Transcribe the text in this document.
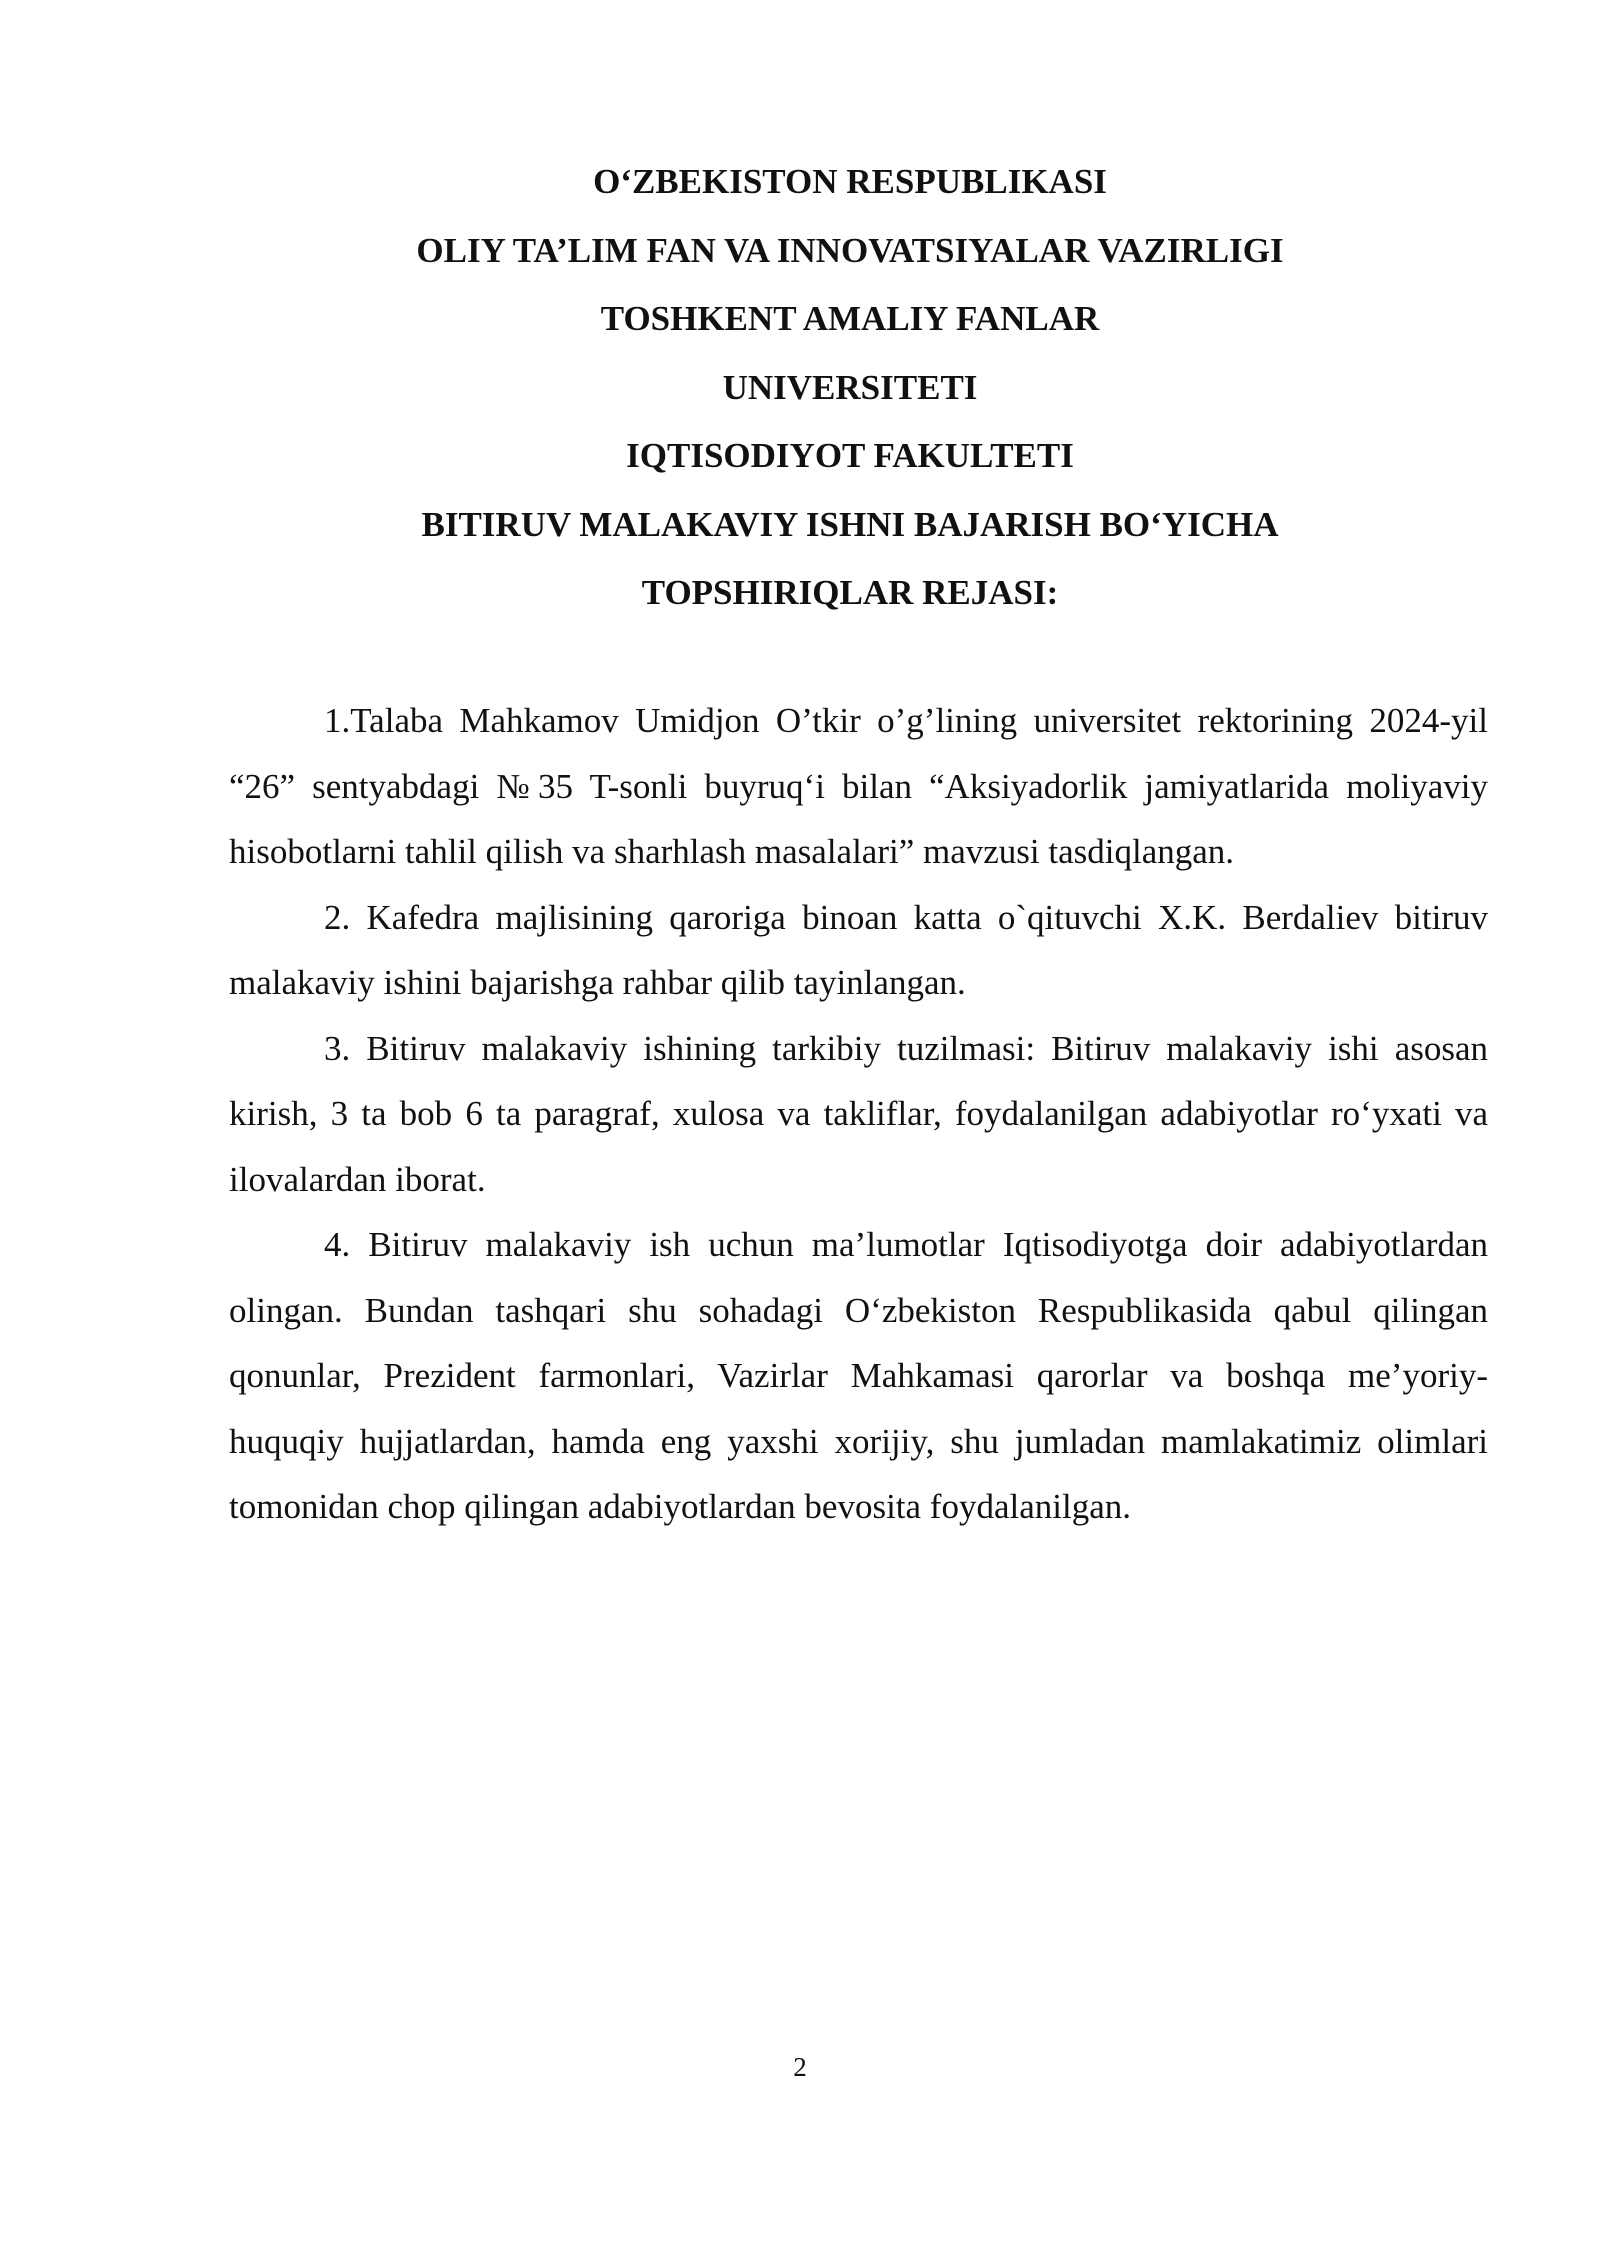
O‘ZBEKISTON RESPUBLIKASI
OLIY TA’LIM FAN VA INNOVATSIYALAR VAZIRLIGI
TOSHKENT AMALIY FANLAR
UNIVERSITETI
IQTISODIYOT FAKULTETI
BITIRUV MALAKAVIY ISHNI BAJARISH BO‘YICHA
TOPSHIRIQLAR REJASI:

1.Talaba Mahkamov Umidjon O’tkir o’g’lining universitet rektorining 2024-yil “26” sentyabdagi №35 T-sonli buyruq‘i bilan “Aksiyadorlik jamiyatlarida moliyaviy hisobotlarni tahlil qilish va sharhlash masalalari” mavzusi tasdiqlangan.

2. Kafedra majlisining qaroriga binoan katta o`qituvchi X.K. Berdaliev bitiruv malakaviy ishini bajarishga rahbar qilib tayinlangan.

3. Bitiruv malakaviy ishining tarkibiy tuzilmasi: Bitiruv malakaviy ishi asosan kirish, 3 ta bob 6 ta paragraf, xulosa va takliflar, foydalanilgan adabiyotlar ro‘yxati va ilovalardan iborat.

4. Bitiruv malakaviy ish uchun ma’lumotlar Iqtisodiyotga doir adabiyotlardan olingan. Bundan tashqari shu sohadagi O‘zbekiston Respublikasida qabul qilingan qonunlar, Prezident farmonlari, Vazirlar Mahkamasi qarorlar va boshqa me’yoriy-huquqiy hujjatlardan, hamda eng yaxshi xorijiy, shu jumladan mamlakatimiz olimlari tomonidan chop qilingan adabiyotlardan bevosita foydalanilgan.

2
